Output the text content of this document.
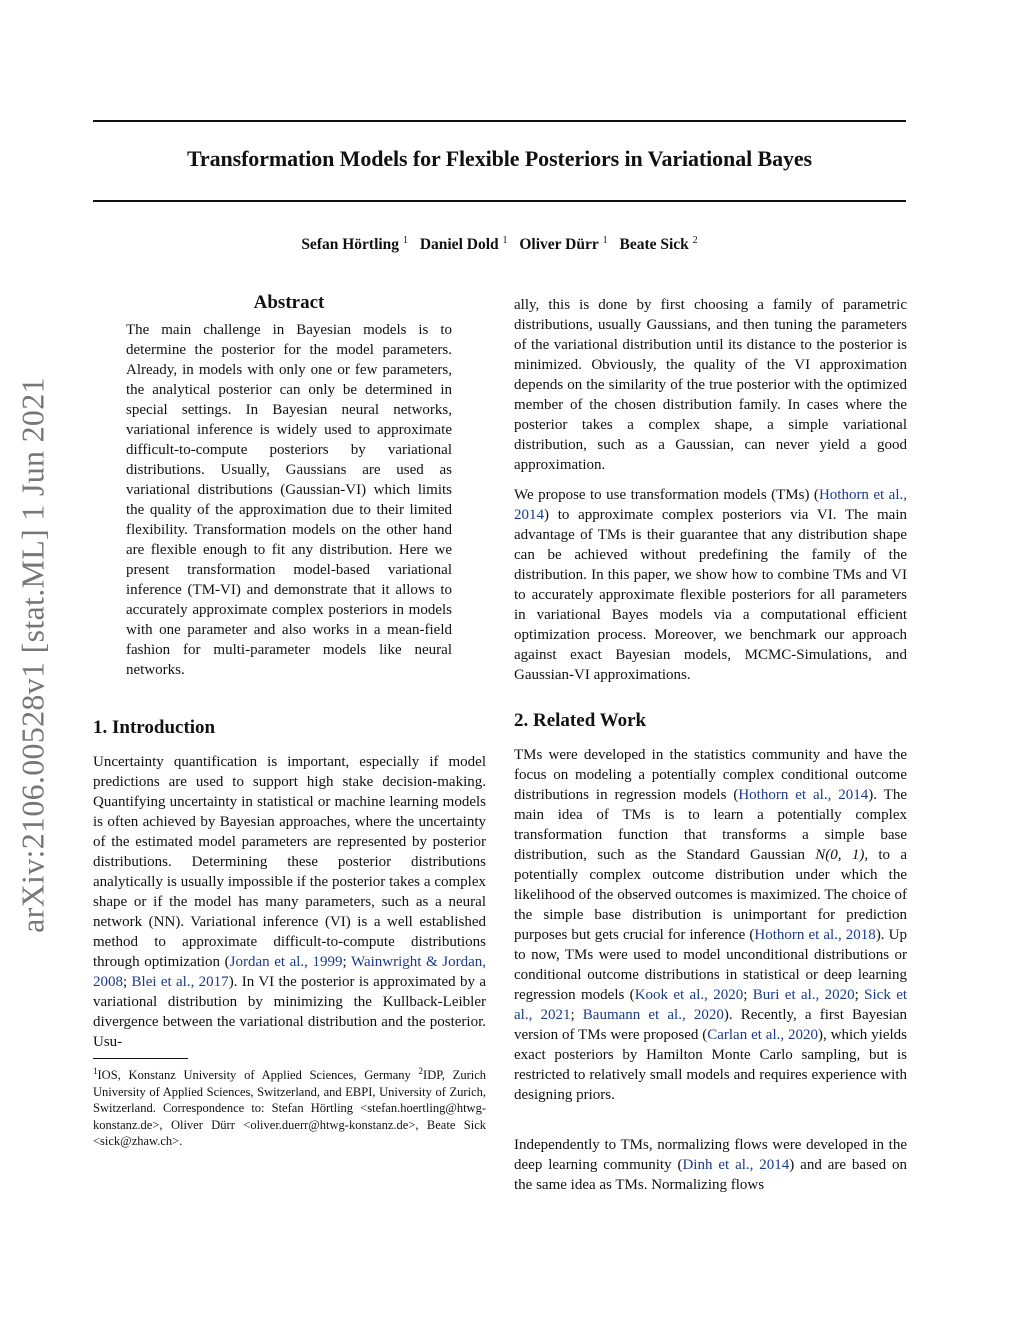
arXiv:2106.00528v1 [stat.ML] 1 Jun 2021
Transformation Models for Flexible Posteriors in Variational Bayes
Sefan Hörtling $^1$ Daniel Dold $^1$ Oliver Dürr $^1$ Beate Sick $^2$
Abstract

The main challenge in Bayesian models is to determine the posterior for the model parameters. Already, in models with only one or few parameters, the analytical posterior can only be determined in special settings. In Bayesian neural networks, variational inference is widely used to approximate difficult-to-compute posteriors by variational distributions. Usually, Gaussians are used as variational distributions (Gaussian-VI) which limits the quality of the approximation due to their limited flexibility. Transformation models on the other hand are flexible enough to fit any distribution. Here we present transformation model-based variational inference (TM-VI) and demonstrate that it allows to accurately approximate complex posteriors in models with one parameter and also works in a mean-field fashion for multi-parameter models like neural networks.

1. Introduction

Uncertainty quantification is important, especially if model predictions are used to support high stake decision-making. Quantifying uncertainty in statistical or machine learning models is often achieved by Bayesian approaches, where the uncertainty of the estimated model parameters are represented by posterior distributions. Determining these posterior distributions analytically is usually impossible if the posterior takes a complex shape or if the model has many parameters, such as a neural network (NN). Variational inference (VI) is a well established method to approximate difficult-to-compute distributions through optimization (Jordan et al., 1999; Wainwright & Jordan, 2008; Blei et al., 2017). In VI the posterior is approximated by a variational distribution by minimizing the Kullback-Leibler divergence between the variational distribution and the posterior. Usu-

$^1$IOS, Konstanz University of Applied Sciences, Germany $^2$IDP, Zurich University of Applied Sciences, Switzerland, and EBPI, University of Zurich, Switzerland. Correspondence to: Stefan Hörtling <stefan.hoertling@htwg-konstanz.de>, Oliver Dürr <oliver.duerr@htwg-konstanz.de>, Beate Sick <sick@zhaw.ch>.

ally, this is done by first choosing a family of parametric distributions, usually Gaussians, and then tuning the parameters of the variational distribution until its distance to the posterior is minimized. Obviously, the quality of the VI approximation depends on the similarity of the true posterior with the optimized member of the chosen distribution family. In cases where the posterior takes a complex shape, a simple variational distribution, such as a Gaussian, can never yield a good approximation.

We propose to use transformation models (TMs) (Hothorn et al., 2014) to approximate complex posteriors via VI. The main advantage of TMs is their guarantee that any distribution shape can be achieved without predefining the family of the distribution. In this paper, we show how to combine TMs and VI to accurately approximate flexible posteriors for all parameters in variational Bayes models via a computational efficient optimization process. Moreover, we benchmark our approach against exact Bayesian models, MCMC-Simulations, and Gaussian-VI approximations.

2. Related Work

TMs were developed in the statistics community and have the focus on modeling a potentially complex conditional outcome distributions in regression models (Hothorn et al., 2014). The main idea of TMs is to learn a potentially complex transformation function that transforms a simple base distribution, such as the Standard Gaussian N(0, 1), to a potentially complex outcome distribution under which the likelihood of the observed outcomes is maximized. The choice of the simple base distribution is unimportant for prediction purposes but gets crucial for inference (Hothorn et al., 2018). Up to now, TMs were used to model unconditional distributions or conditional outcome distributions in statistical or deep learning regression models (Kook et al., 2020; Buri et al., 2020; Sick et al., 2021; Baumann et al., 2020). Recently, a first Bayesian version of TMs were proposed (Carlan et al., 2020), which yields exact posteriors by Hamilton Monte Carlo sampling, but is restricted to relatively small models and requires experience with designing priors.

Independently to TMs, normalizing flows were developed in the deep learning community (Dinh et al., 2014) and are based on the same idea as TMs. Normalizing flows
